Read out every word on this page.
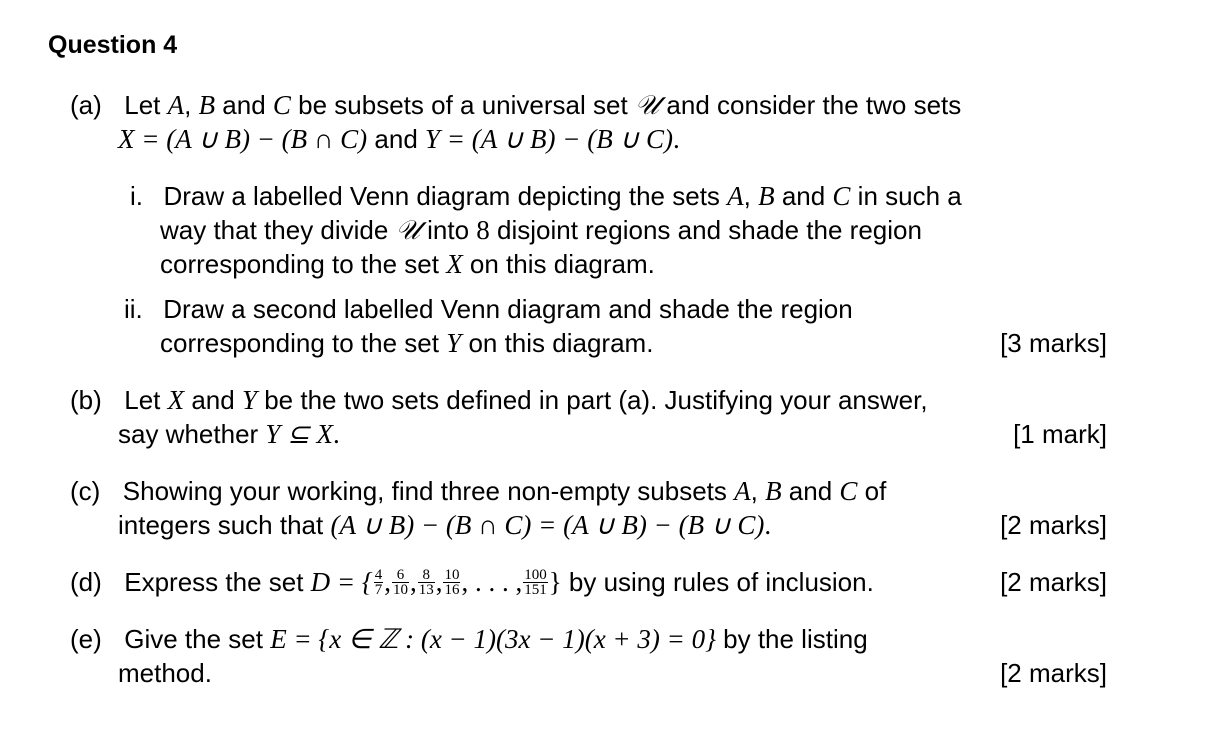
Question 4
(a) Let A, B and C be subsets of a universal set 𝒰 and consider the two sets
X = (A ∪ B) − (B ∩ C) and Y = (A ∪ B) − (B ∪ C).
i. Draw a labelled Venn diagram depicting the sets A, B and C in such a
way that they divide 𝒰 into 8 disjoint regions and shade the region
corresponding to the set X on this diagram.
ii. Draw a second labelled Venn diagram and shade the region
corresponding to the set Y on this diagram.	[3 marks]
(b) Let X and Y be the two sets defined in part (a). Justifying your answer,
say whether Y ⊆ X.	[1 mark]
(c) Showing your working, find three non-empty subsets A, B and C of
integers such that (A ∪ B) − (B ∩ C) = (A ∪ B) − (B ∪ C).	[2 marks]
(d) Express the set D = { $\frac{4}{7}$ , $\frac{6}{10}$ , $\frac{8}{13}$ , $\frac{10}{16}$ , . . . , $\frac{100}{151}$ } by using rules of inclusion.	[2 marks]
(e) Give the set E = {x ∈ ℤ : (x − 1)(3x − 1)(x + 3) = 0} by the listing
method.	[2 marks]
